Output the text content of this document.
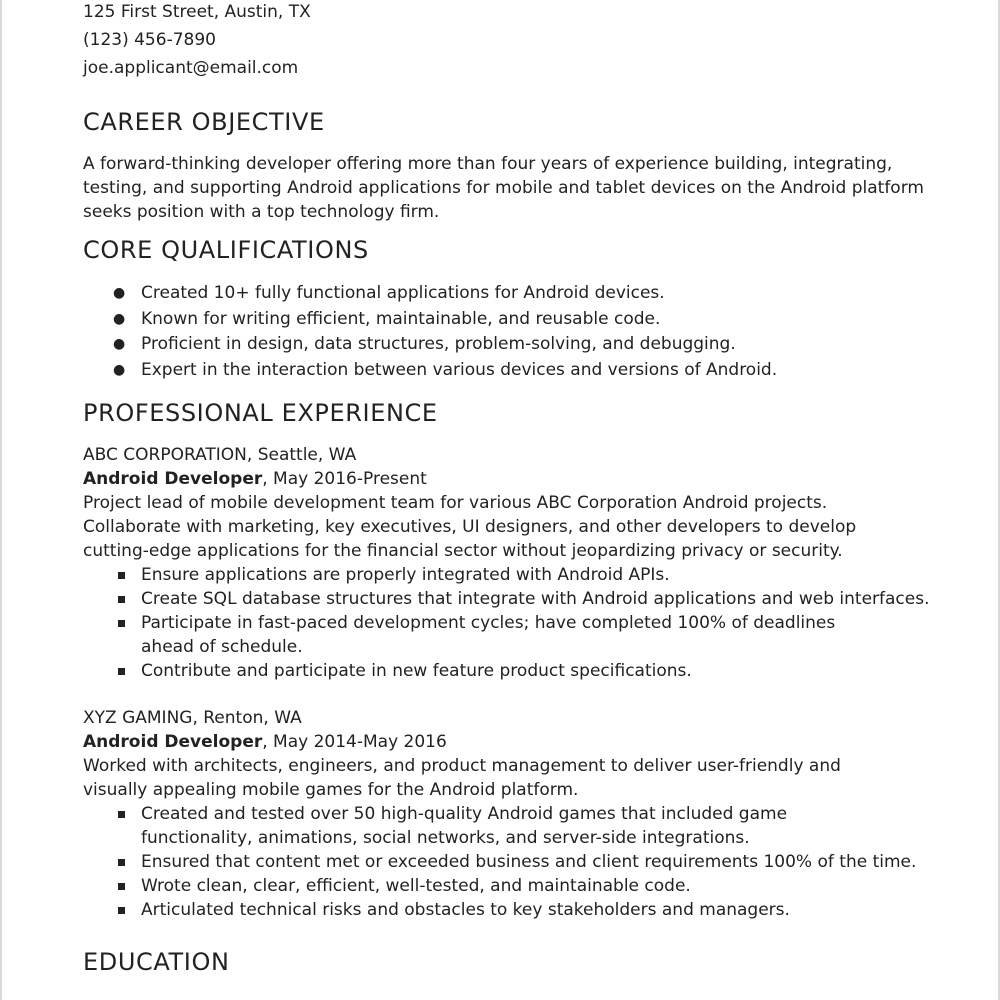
125 First Street, Austin, TX
(123) 456-7890
joe.applicant@email.com
CAREER OBJECTIVE
A forward-thinking developer offering more than four years of experience building, integrating, testing, and supporting Android applications for mobile and tablet devices on the Android platform seeks position with a top technology firm.
CORE QUALIFICATIONS
● Created 10+ fully functional applications for Android devices.
● Known for writing efficient, maintainable, and reusable code.
● Proficient in design, data structures, problem-solving, and debugging.
● Expert in the interaction between various devices and versions of Android.
PROFESSIONAL EXPERIENCE
ABC CORPORATION, Seattle, WA
Android Developer, May 2016-Present
Project lead of mobile development team for various ABC Corporation Android projects. Collaborate with marketing, key executives, UI designers, and other developers to develop cutting-edge applications for the financial sector without jeopardizing privacy or security.
Ensure applications are properly integrated with Android APIs.
Create SQL database structures that integrate with Android applications and web interfaces.
Participate in fast-paced development cycles; have completed 100% of deadlines ahead of schedule.
Contribute and participate in new feature product specifications.
XYZ GAMING, Renton, WA
Android Developer, May 2014-May 2016
Worked with architects, engineers, and product management to deliver user-friendly and visually appealing mobile games for the Android platform.
Created and tested over 50 high-quality Android games that included game functionality, animations, social networks, and server-side integrations.
Ensured that content met or exceeded business and client requirements 100% of the time.
Wrote clean, clear, efficient, well-tested, and maintainable code.
Articulated technical risks and obstacles to key stakeholders and managers.
EDUCATION
